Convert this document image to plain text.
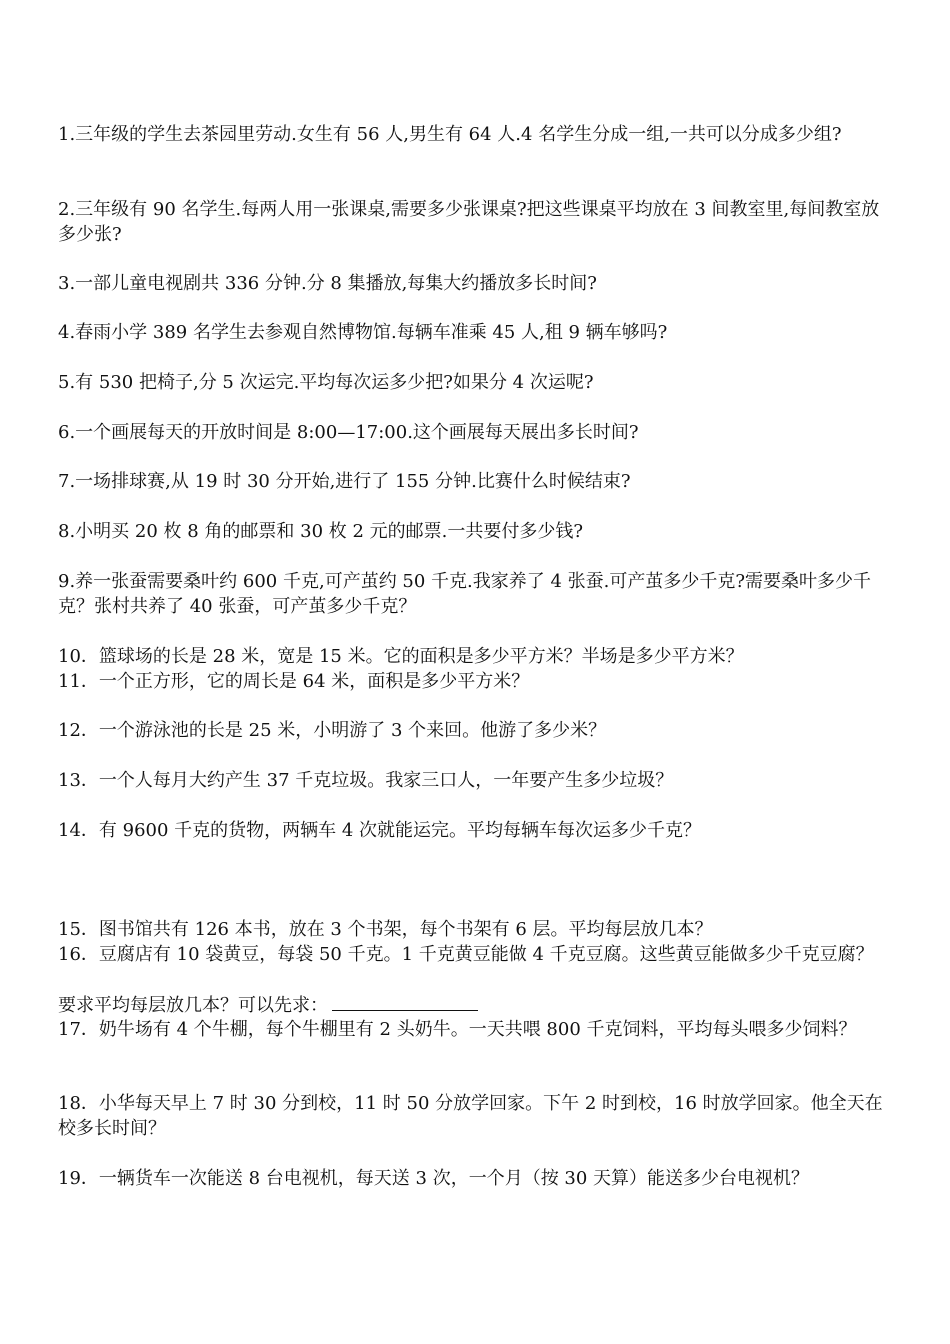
1.三年级的学生去茶园里劳动.女生有 56 人,男生有 64 人.4 名学生分成一组,一共可以分成多少组?
2.三年级有 90 名学生.每两人用一张课桌,需要多少张课桌?把这些课桌平均放在 3 间教室里,每间教室放多少张?
3.一部儿童电视剧共 336 分钟.分 8 集播放,每集大约播放多长时间?
4.春雨小学 389 名学生去参观自然博物馆.每辆车准乘 45 人,租 9 辆车够吗?
5.有 530 把椅子,分 5 次运完.平均每次运多少把?如果分 4 次运呢?
6.一个画展每天的开放时间是 8:00—17:00.这个画展每天展出多长时间?
7.一场排球赛,从 19 时 30 分开始,进行了 155 分钟.比赛什么时候结束?
8.小明买 20 枚 8 角的邮票和 30 枚 2 元的邮票.一共要付多少钱?
9.养一张蚕需要桑叶约 600 千克,可产茧约 50 千克.我家养了 4 张蚕.可产茧多少千克?需要桑叶多少千克？张村共养了 40 张蚕，可产茧多少千克？
10．篮球场的长是 28 米，宽是 15 米。它的面积是多少平方米？半场是多少平方米？
11．一个正方形，它的周长是 64 米，面积是多少平方米？
12．一个游泳池的长是 25 米，小明游了 3 个来回。他游了多少米？
13．一个人每月大约产生 37 千克垃圾。我家三口人，一年要产生多少垃圾？
14．有 9600 千克的货物，两辆车 4 次就能运完。平均每辆车每次运多少千克？

15．图书馆共有 126 本书，放在 3 个书架，每个书架有 6 层。平均每层放几本？

要求平均每层放几本？可以先求：

16．豆腐店有 10 袋黄豆，每袋 50 千克。1 千克黄豆能做 4 千克豆腐。这些黄豆能做多少千克豆腐？
17．奶牛场有 4 个牛棚，每个牛棚里有 2 头奶牛。一天共喂 800 千克饲料，平均每头喂多少饲料？
18．小华每天早上 7 时 30 分到校，11 时 50 分放学回家。下午 2 时到校，16 时放学回家。他全天在校多长时间？
19．一辆货车一次能送 8 台电视机，每天送 3 次，一个月（按 30 天算）能送多少台电视机？
